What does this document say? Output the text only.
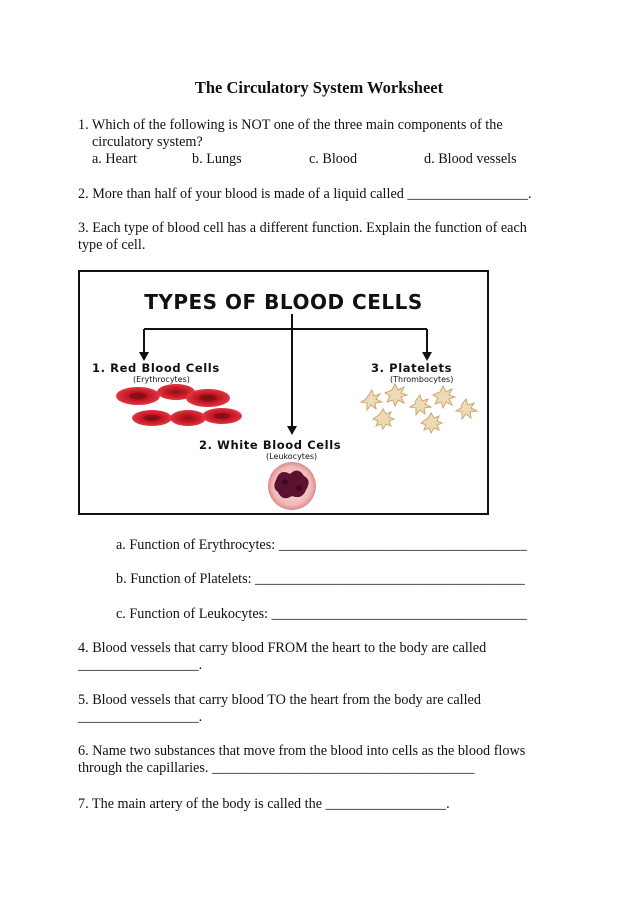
The Circulatory System Worksheet
1. Which of the following is NOT one of the three main components of the
circulatory system?
a. Heart	b. Lungs	c. Blood	d. Blood vessels
2. More than half of your blood is made of a liquid called _________________.
3. Each type of blood cell has a different function. Explain the function of each
type of cell.
TYPES OF BLOOD CELLS
1. Red Blood Cells
(Erythrocytes)
3. Platelets
(Thrombocytes)
2. White Blood Cells
(Leukocytes)
a. Function of Erythrocytes: ___________________________________
b. Function of Platelets: ______________________________________
c. Function of Leukocytes: ____________________________________
4. Blood vessels that carry blood FROM the heart to the body are called
_________________.
5. Blood vessels that carry blood TO the heart from the body are called
_________________.
6. Name two substances that move from the blood into cells as the blood flows
through the capillaries. _____________________________________
7. The main artery of the body is called the _________________.
